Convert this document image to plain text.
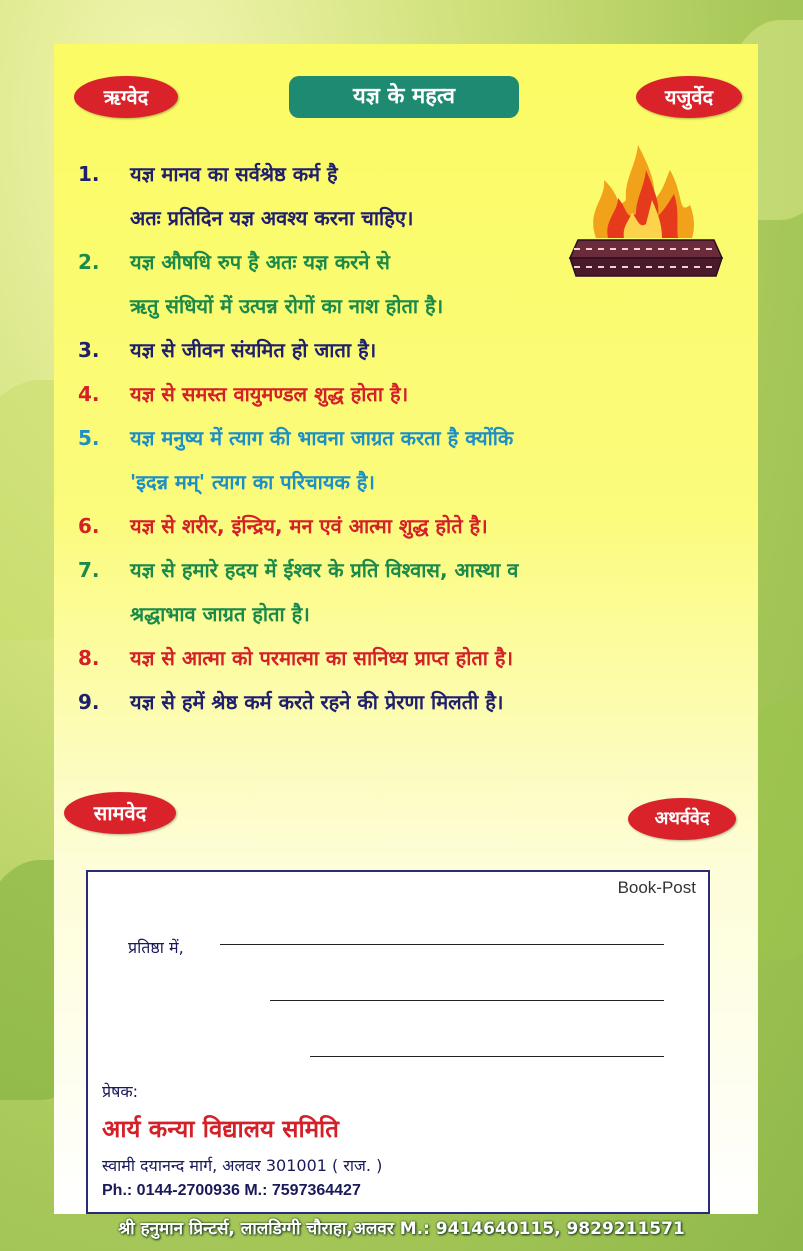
ऋग्वेद	यज्ञ के महत्व	यजुर्वेद
1.	यज्ञ मानव का सर्वश्रेष्ठ कर्म है
अतः प्रतिदिन यज्ञ अवश्य करना चाहिए।
2.	यज्ञ औषधि रुप है अतः यज्ञ करने से
ऋतु संधियों में उत्पन्न रोगों का नाश होता है।
3.	यज्ञ से जीवन संयमित हो जाता है।
4.	यज्ञ से समस्त वायुमण्डल शुद्ध होता है।
5.	यज्ञ मनुष्य में त्याग की भावना जाग्रत करता है क्योंकि
'इदन्न मम्' त्याग का परिचायक है।
6.	यज्ञ से शरीर, इंन्द्रिय, मन एवं आत्मा शुद्ध होते है।
7.	यज्ञ से हमारे हदय में ईश्वर के प्रति विश्वास, आस्था व
श्रद्धाभाव जाग्रत होता है।
8.	यज्ञ से आत्मा को परमात्मा का सानिध्य प्राप्त होता है।
9.	यज्ञ से हमें श्रेष्ठ कर्म करते रहने की प्रेरणा मिलती है।
सामवेद	अथर्ववेद
Book-Post
प्रतिष्ठा में,
प्रेषक:
आर्य कन्या विद्यालय समिति
स्वामी दयानन्द मार्ग, अलवर 301001 ( राज. )
Ph.: 0144-2700936 M.: 7597364427
श्री हनुमान प्रिन्टर्स, लालडिग्गी चौराहा,अलवर M.: 9414640115, 9829211571
